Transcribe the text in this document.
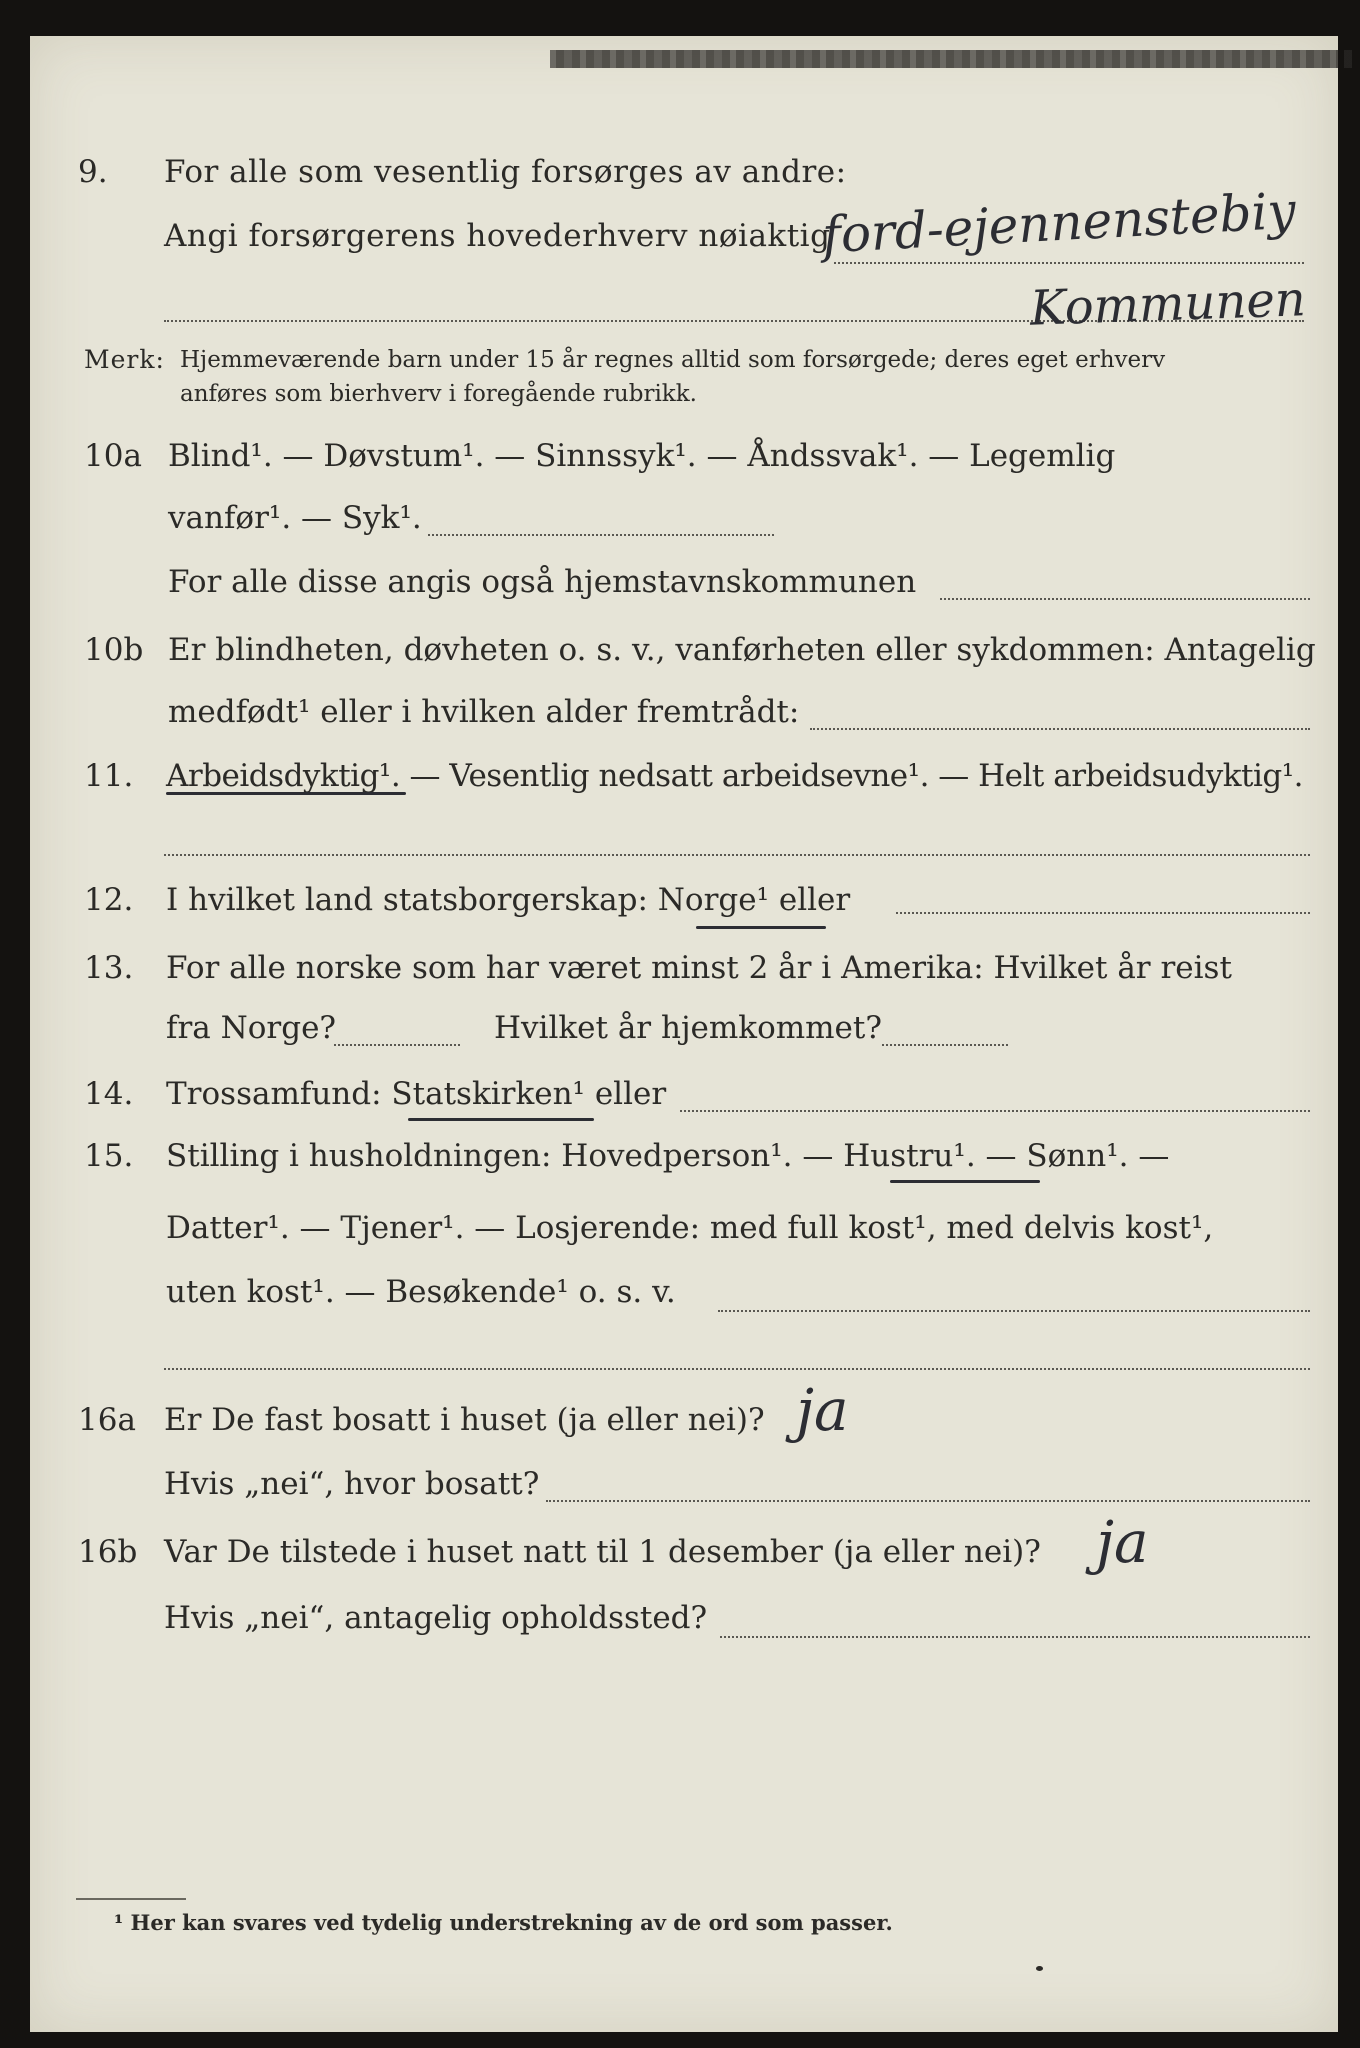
9. For alle som vesentlig forsørges av andre:
Angi forsørgerens hovederhverv nøiaktig
ford-ejennenstebiy
Kommunen
Merk: Hjemmeværende barn under 15 år regnes alltid som forsørgede; deres eget erhverv
anføres som bierhverv i foregående rubrikk.
10a Blind¹. — Døvstum¹. — Sinnssyk¹. — Åndssvak¹. — Legemlig
vanfør¹. — Syk¹.
For alle disse angis også hjemstavnskommunen
10b Er blindheten, døvheten o. s. v., vanførheten eller sykdommen: Antagelig
medfødt¹ eller i hvilken alder fremtrådt:
11. Arbeidsdyktig¹. — Vesentlig nedsatt arbeidsevne¹. — Helt arbeidsudyktig¹.
12. I hvilket land statsborgerskap: Norge¹ eller
13. For alle norske som har været minst 2 år i Amerika: Hvilket år reist
fra Norge?	Hvilket år hjemkommet?
14. Trossamfund: Statskirken¹ eller
15. Stilling i husholdningen: Hovedperson¹. — Hustru¹. — Sønn¹. —
Datter¹. — Tjener¹. — Losjerende: med full kost¹, med delvis kost¹,
uten kost¹. — Besøkende¹ o. s. v.
16a Er De fast bosatt i huset (ja eller nei)? ja
Hvis „nei“, hvor bosatt?
16b Var De tilstede i huset natt til 1 desember (ja eller nei)? ja
Hvis „nei“, antagelig opholdssted?
¹ Her kan svares ved tydelig understrekning av de ord som passer.
